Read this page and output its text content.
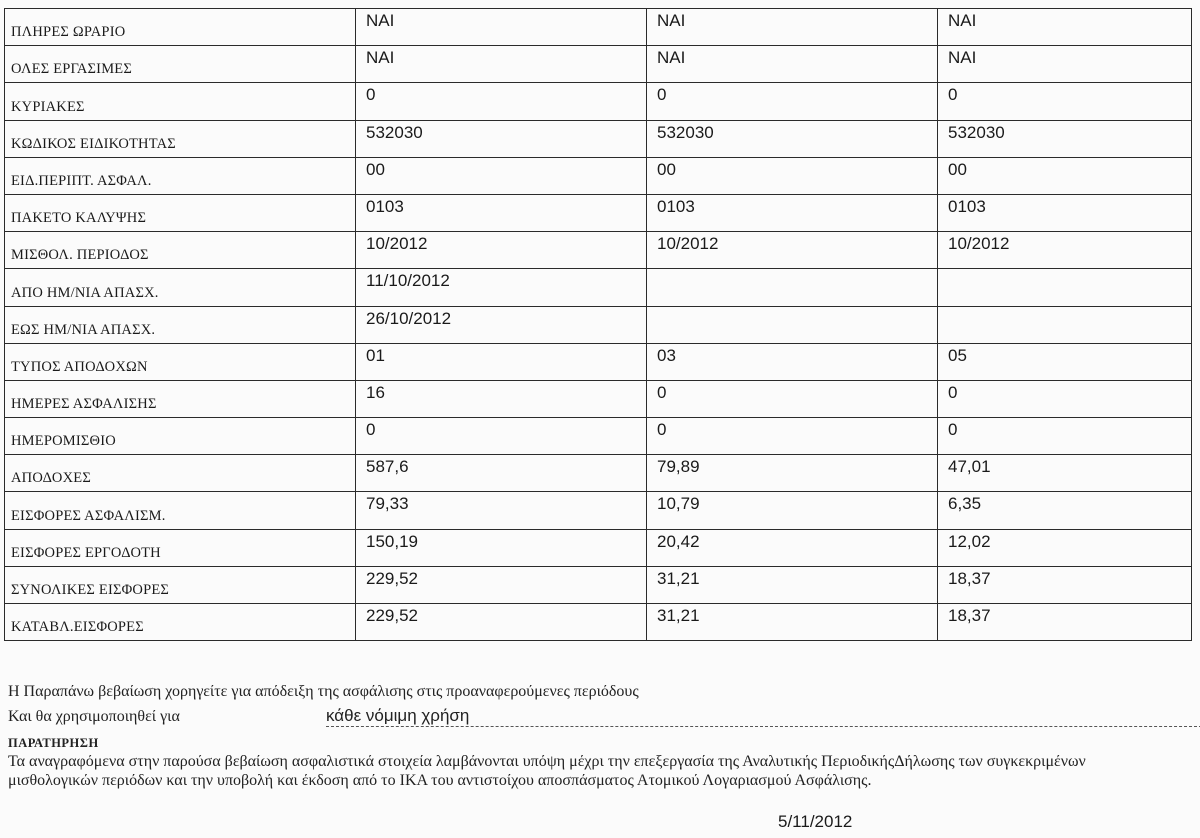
ΠΛΗΡΕΣ ΩΡΑΡΙΟ	ΝΑΙ	ΝΑΙ	ΝΑΙ
ΟΛΕΣ ΕΡΓΑΣΙΜΕΣ	ΝΑΙ	ΝΑΙ	ΝΑΙ
ΚΥΡΙΑΚΕΣ	0	0	0
ΚΩΔΙΚΟΣ ΕΙΔΙΚΟΤΗΤΑΣ	532030	532030	532030
ΕΙΔ.ΠΕΡΙΠΤ. ΑΣΦΑΛ.	00	00	00
ΠΑΚΕΤΟ ΚΑΛΥΨΗΣ	0103	0103	0103
ΜΙΣΘΟΛ. ΠΕΡΙΟΔΟΣ	10/2012	10/2012	10/2012
ΑΠΟ ΗΜ/ΝΙΑ ΑΠΑΣΧ.	11/10/2012		
ΕΩΣ ΗΜ/ΝΙΑ ΑΠΑΣΧ.	26/10/2012		
ΤΥΠΟΣ ΑΠΟΔΟΧΩΝ	01	03	05
ΗΜΕΡΕΣ ΑΣΦΑΛΙΣΗΣ	16	0	0
ΗΜΕΡΟΜΙΣΘΙΟ	0	0	0
ΑΠΟΔΟΧΕΣ	587,6	79,89	47,01
ΕΙΣΦΟΡΕΣ ΑΣΦΑΛΙΣΜ.	79,33	10,79	6,35
ΕΙΣΦΟΡΕΣ ΕΡΓΟΔΟΤΗ	150,19	20,42	12,02
ΣΥΝΟΛΙΚΕΣ ΕΙΣΦΟΡΕΣ	229,52	31,21	18,37
ΚΑΤΑΒΛ.ΕΙΣΦΟΡΕΣ	229,52	31,21	18,37
Η Παραπάνω βεβαίωση χορηγείτε για απόδειξη της ασφάλισης στις προαναφερούμενες περιόδους
Και θα χρησιμοποιηθεί για	κάθε νόμιμη χρήση
ΠΑΡΑΤΗΡΗΣΗ
Τα αναγραφόμενα στην παρούσα βεβαίωση ασφαλιστικά στοιχεία λαμβάνονται υπόψη μέχρι την επεξεργασία της Αναλυτικής ΠεριοδικήςΔήλωσης των συγκεκριμένων μισθολογικών περιόδων και την υποβολή και έκδοση από το ΙΚΑ του αντιστοίχου αποσπάσματος Ατομικού Λογαριασμού Ασφάλισης.
5/11/2012
